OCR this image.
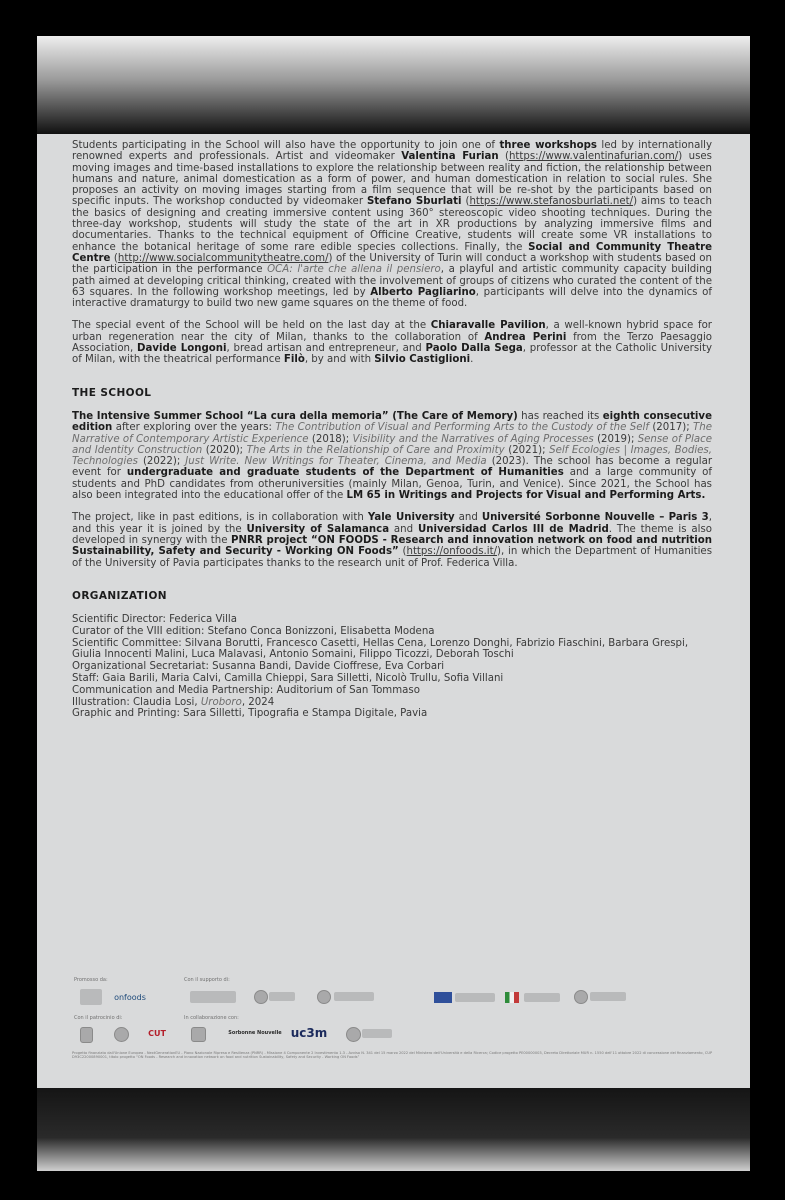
Students participating in the School will also have the opportunity to join one of three workshops led by internationally renowned experts and professionals. Artist and videomaker Valentina Furian (https://www.valentinafurian.com/) uses moving images and time-based installations to explore the relationship between reality and fiction, the relationship between humans and nature, animal domestication as a form of power, and human domestication in relation to social rules. She proposes an activity on moving images starting from a film sequence that will be re-shot by the participants based on specific inputs. The workshop conducted by videomaker Stefano Sburlati (https://www.stefanosburlati.net/) aims to teach the basics of designing and creating immersive content using 360° stereoscopic video shooting techniques. During the three-day workshop, students will study the state of the art in XR productions by analyzing immersive films and documentaries. Thanks to the technical equipment of Officine Creative, students will create some VR installations to enhance the botanical heritage of some rare edible species collections. Finally, the Social and Community Theatre Centre (http://www.socialcommunitytheatre.com/) of the University of Turin will conduct a workshop with students based on the participation in the performance OCA: l'arte che allena il pensiero, a playful and artistic community capacity building path aimed at developing critical thinking, created with the involvement of groups of citizens who curated the content of the 63 squares. In the following workshop meetings, led by Alberto Pagliarino, participants will delve into the dynamics of interactive dramaturgy to build two new game squares on the theme of food.

The special event of the School will be held on the last day at the Chiaravalle Pavilion, a well-known hybrid space for urban regeneration near the city of Milan, thanks to the collaboration of Andrea Perini from the Terzo Paesaggio Association, Davide Longoni, bread artisan and entrepreneur, and Paolo Dalla Sega, professor at the Catholic University of Milan, with the theatrical performance Filò, by and with Silvio Castiglioni.

THE SCHOOL

The Intensive Summer School “La cura della memoria” (The Care of Memory) has reached its eighth consecutive edition after exploring over the years: The Contribution of Visual and Performing Arts to the Custody of the Self (2017); The Narrative of Contemporary Artistic Experience (2018); Visibility and the Narratives of Aging Processes (2019); Sense of Place and Identity Construction (2020); The Arts in the Relationship of Care and Proximity (2021); Self Ecologies | Images, Bodies, Technologies (2022); Just Write. New Writings for Theater, Cinema, and Media (2023). The school has become a regular event for undergraduate and graduate students of the Department of Humanities and a large community of students and PhD candidates from otheruniversities (mainly Milan, Genoa, Turin, and Venice). Since 2021, the School has also been integrated into the educational offer of the LM 65 in Writings and Projects for Visual and Performing Arts.

The project, like in past editions, is in collaboration with Yale University and Université Sorbonne Nouvelle – Paris 3, and this year it is joined by the University of Salamanca and Universidad Carlos III de Madrid. The theme is also developed in synergy with the PNRR project “ON FOODS - Research and innovation network on food and nutrition Sustainability, Safety and Security - Working ON Foods” (https://onfoods.it/), in which the Department of Humanities of the University of Pavia participates thanks to the research unit of Prof. Federica Villa.

ORGANIZATION
Scientific Director: Federica Villa
Curator of the VIII edition: Stefano Conca Bonizzoni, Elisabetta Modena
Scientific Committee: Silvana Borutti, Francesco Casetti, Hellas Cena, Lorenzo Donghi, Fabrizio Fiaschini, Barbara Grespi, Giulia Innocenti Malini, Luca Malavasi, Antonio Somaini, Filippo Ticozzi, Deborah Toschi
Organizational Secretariat: Susanna Bandi, Davide Cioffrese, Eva Corbari
Staff: Gaia Barili, Maria Calvi, Camilla Chieppi, Sara Silletti, Nicolò Trullu, Sofia Villani
Communication and Media Partnership: Auditorium of San Tommaso
Illustration: Claudia Losi, Uroboro, 2024
Graphic and Printing: Sara Silletti, Tipografia e Stampa Digitale, Pavia
Promosso da:	Con il supporto di:
onfoods
Con il patrocinio di:	In collaborazione con:
CUT	Sorbonne Nouvelle uc3m
Progetto finanziato dall'Unione Europea - NextGenerationEU - Piano Nazionale Ripresa e Resilienza (PNRR) - Missione 4 Componente 2 Investimento 1.3 - Avviso N. 341 del 15 marzo 2022 del Ministero dell'Università e della Ricerca; Codice progetto PE00000003, Decreto Direttoriale MUR n. 1550 dell'11 ottobre 2022 di concessione del finanziamento, CUP D93C22000890001, titolo progetto “ON Foods - Research and innovation network on food and nutrition Sustainability, Safety and Security - Working ON Foods”
